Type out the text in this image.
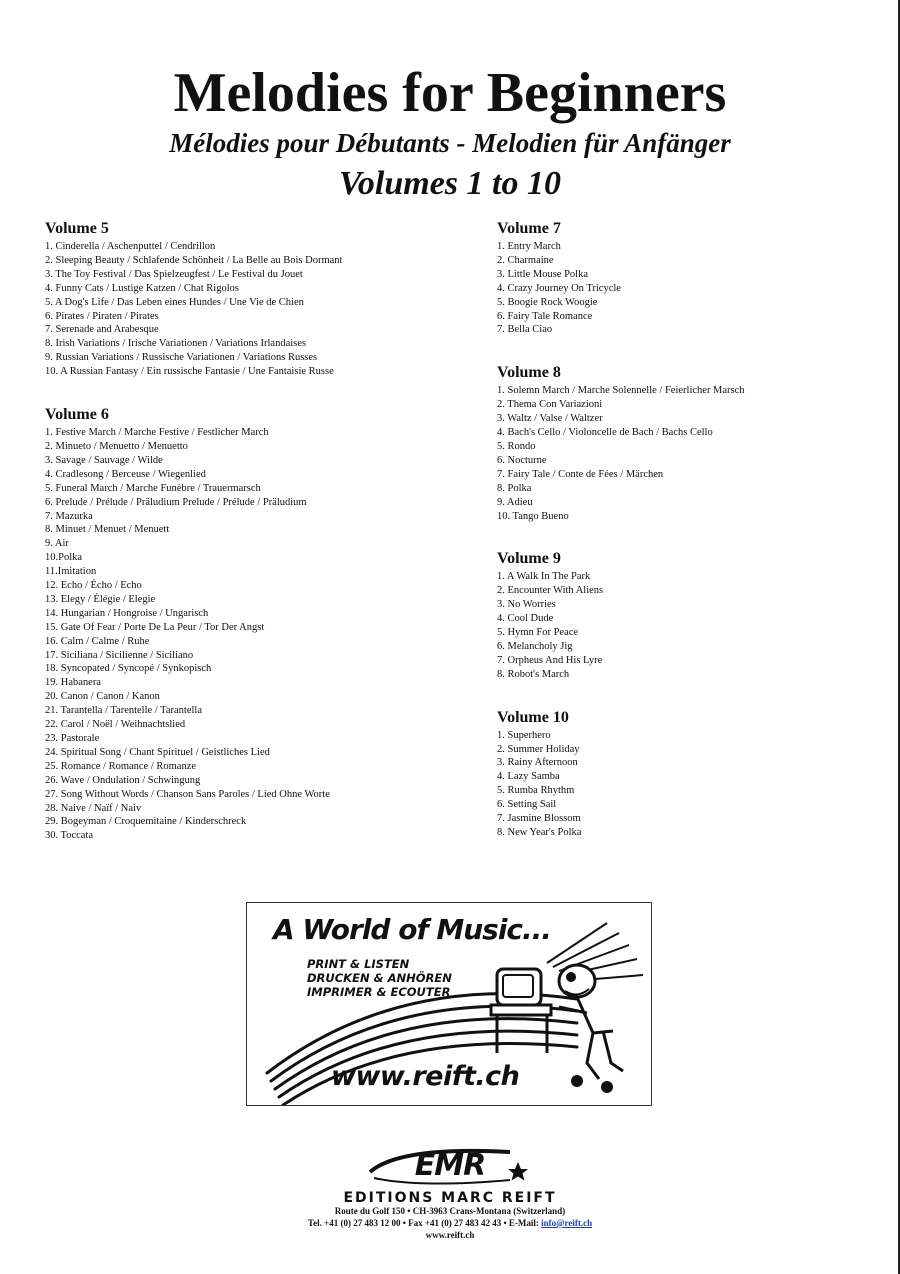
Melodies for Beginners
Mélodies pour Débutants - Melodien für Anfänger
Volumes 1 to 10
Volume 5
1. Cinderella / Aschenputtel / Cendrillon
2. Sleeping Beauty / Schlafende Schönheit / La Belle au Bois Dormant
3. The Toy Festival / Das Spielzeugfest / Le Festival du Jouet
4. Funny Cats / Lustige Katzen / Chat Rigolos
5. A Dog's Life / Das Leben eines Hundes / Une Vie de Chien
6. Pirates / Piraten / Pirates
7. Serenade and Arabesque
8. Irish Variations / Irische Variationen / Variations Irlandaises
9. Russian Variations / Russische Variationen / Variations Russes
10. A Russian Fantasy / Ein russische Fantasie / Une Fantaisie Russe
Volume 6
1. Festive March / Marche Festive / Festlicher March
2. Minueto / Menuetto / Menuetto
3. Savage / Sauvage / Wilde
4. Cradlesong / Berceuse / Wiegenlied
5. Funeral March / Marche Funèbre / Trauermarsch
6. Prelude / Prélude / Präludium Prelude / Prélude / Präludium
7. Mazurka
8. Minuet / Menuet / Menuett
9. Air
10.Polka
11.Imitation
12. Echo / Écho / Echo
13. Elegy / Élégie / Elegie
14. Hungarian / Hongroise / Ungarisch
15. Gate Of Fear / Porte De La Peur / Tor Der Angst
16. Calm / Calme / Ruhe
17. Siciliana / Sicilienne / Siciliano
18. Syncopated / Syncopé / Synkopisch
19. Habanera
20. Canon / Canon / Kanon
21. Tarantella / Tarentelle / Tarantella
22. Carol / Noël / Weihnachtslied
23. Pastorale
24. Spiritual Song / Chant Spirituel / Geistliches Lied
25. Romance / Romance / Romanze
26. Wave / Ondulation / Schwingung
27. Song Without Words / Chanson Sans Paroles / Lied Ohne Worte
28. Naive / Naïf / Naiv
29. Bogeyman / Croquemitaine / Kinderschreck
30. Toccata
Volume 7
1. Entry March
2. Charmaine
3. Little Mouse Polka
4. Crazy Journey On Tricycle
5. Boogie Rock Woogie
6. Fairy Tale Romance
7. Bella Ciao
Volume 8
1. Solemn March / Marche Solennelle / Feierlicher Marsch
2. Thema Con Variazioni
3. Waltz / Valse / Waltzer
4. Bach's Cello / Violoncelle de Bach / Bachs Cello
5. Rondo
6. Nocturne
7. Fairy Tale / Conte de Fées / Märchen
8. Polka
9. Adieu
10. Tango Bueno
Volume 9
1. A Walk In The Park
2. Encounter With Aliens
3. No Worries
4. Cool Dude
5. Hymn For Peace
6. Melancholy Jig
7. Orpheus And His Lyre
8. Robot's March
Volume 10
1. Superhero
2. Summer Holiday
3. Rainy Afternoon
4. Lazy Samba
5. Rumba Rhythm
6. Setting Sail
7. Jasmine Blossom
8. New Year's Polka
A World of Music...
PRINT & LISTEN
DRUCKEN & ANHÖREN
IMPRIMER & ECOUTER
www.reift.ch
EMR
EDITIONS MARC REIFT
Route du Golf 150 • CH-3963 Crans-Montana (Switzerland)
Tel. +41 (0) 27 483 12 00 • Fax +41 (0) 27 483 42 43 • E-Mail: info@reift.ch
www.reift.ch
